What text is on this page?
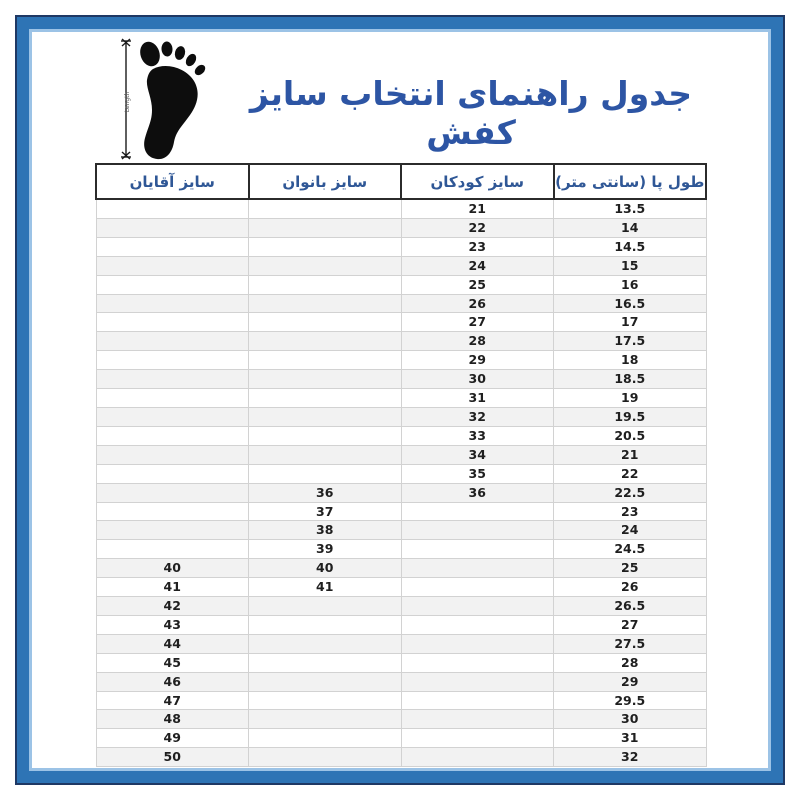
Length	جدول راهنمای انتخاب سایز کفش
طول پا (سانتی متر)	سایز کودکان	سایز بانوان	سایز آقایان
13.5	21		
14	22		
14.5	23		
15	24		
16	25		
16.5	26		
17	27		
17.5	28		
18	29		
18.5	30		
19	31		
19.5	32		
20.5	33		
21	34		
22	35		
22.5	36	36	
23		37	
24		38	
24.5		39	
25		40	40
26		41	41
26.5			42
27			43
27.5			44
28			45
29			46
29.5			47
30			48
31			49
32			50
